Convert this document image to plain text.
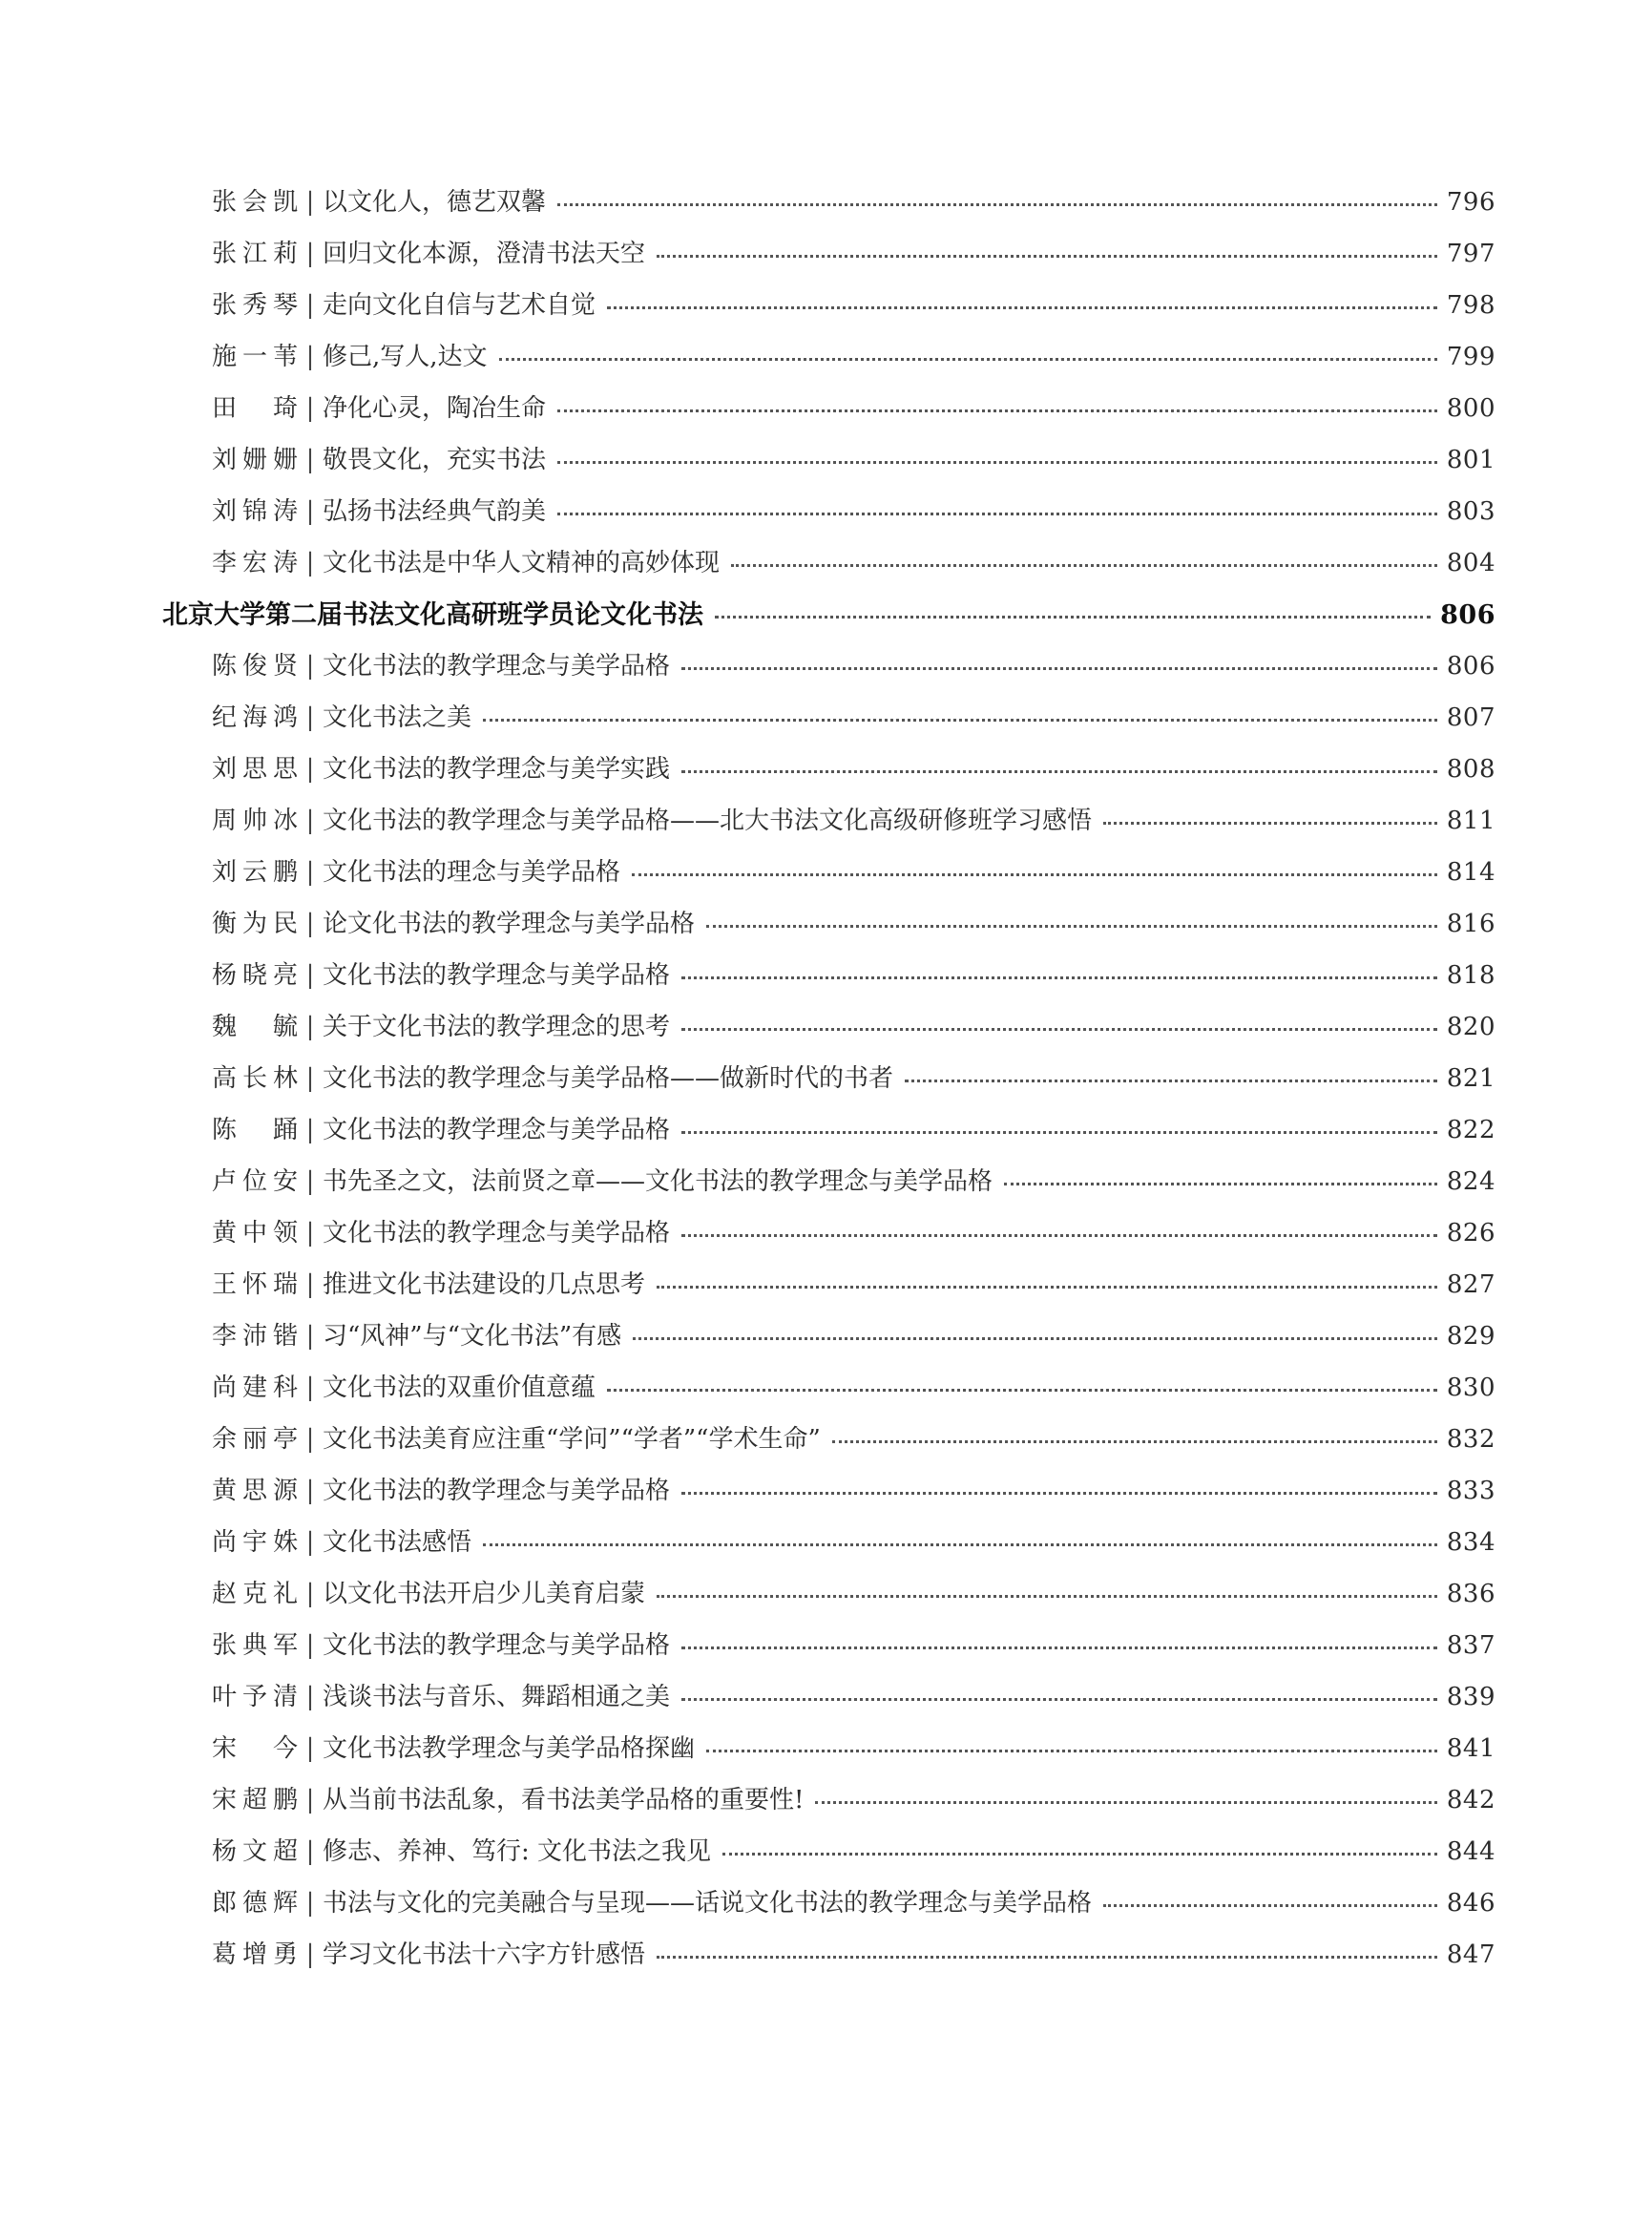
张会凯 | 以文化人，德艺双馨	796
张江莉 | 回归文化本源，澄清书法天空	797
张秀琴 | 走向文化自信与艺术自觉	798
施一苇 | 修己,写人,达文	799
田琦 | 净化心灵，陶冶生命	800
刘姗姗 | 敬畏文化，充实书法	801
刘锦涛 | 弘扬书法经典气韵美	803
李宏涛 | 文化书法是中华人文精神的高妙体现	804
北京大学第二届书法文化高研班学员论文化书法	806
陈俊贤 | 文化书法的教学理念与美学品格	806
纪海鸿 | 文化书法之美	807
刘思思 | 文化书法的教学理念与美学实践	808
周帅冰 | 文化书法的教学理念与美学品格——北大书法文化高级研修班学习感悟	811
刘云鹏 | 文化书法的理念与美学品格	814
衡为民 | 论文化书法的教学理念与美学品格	816
杨晓亮 | 文化书法的教学理念与美学品格	818
魏毓 | 关于文化书法的教学理念的思考	820
高长林 | 文化书法的教学理念与美学品格——做新时代的书者	821
陈踊 | 文化书法的教学理念与美学品格	822
卢位安 | 书先圣之文，法前贤之章——文化书法的教学理念与美学品格	824
黄中领 | 文化书法的教学理念与美学品格	826
王怀瑞 | 推进文化书法建设的几点思考	827
李沛锴 | 习“风神”与“文化书法”有感	829
尚建科 | 文化书法的双重价值意蕴	830
余丽亭 | 文化书法美育应注重“学问”“学者”“学术生命”	832
黄思源 | 文化书法的教学理念与美学品格	833
尚宇姝 | 文化书法感悟	834
赵克礼 | 以文化书法开启少儿美育启蒙	836
张典军 | 文化书法的教学理念与美学品格	837
叶予清 | 浅谈书法与音乐、舞蹈相通之美	839
宋今 | 文化书法教学理念与美学品格探幽	841
宋超鹏 | 从当前书法乱象，看书法美学品格的重要性!	842
杨文超 | 修志、养神、笃行: 文化书法之我见	844
郎德辉 | 书法与文化的完美融合与呈现——话说文化书法的教学理念与美学品格	846
葛增勇 | 学习文化书法十六字方针感悟	847
